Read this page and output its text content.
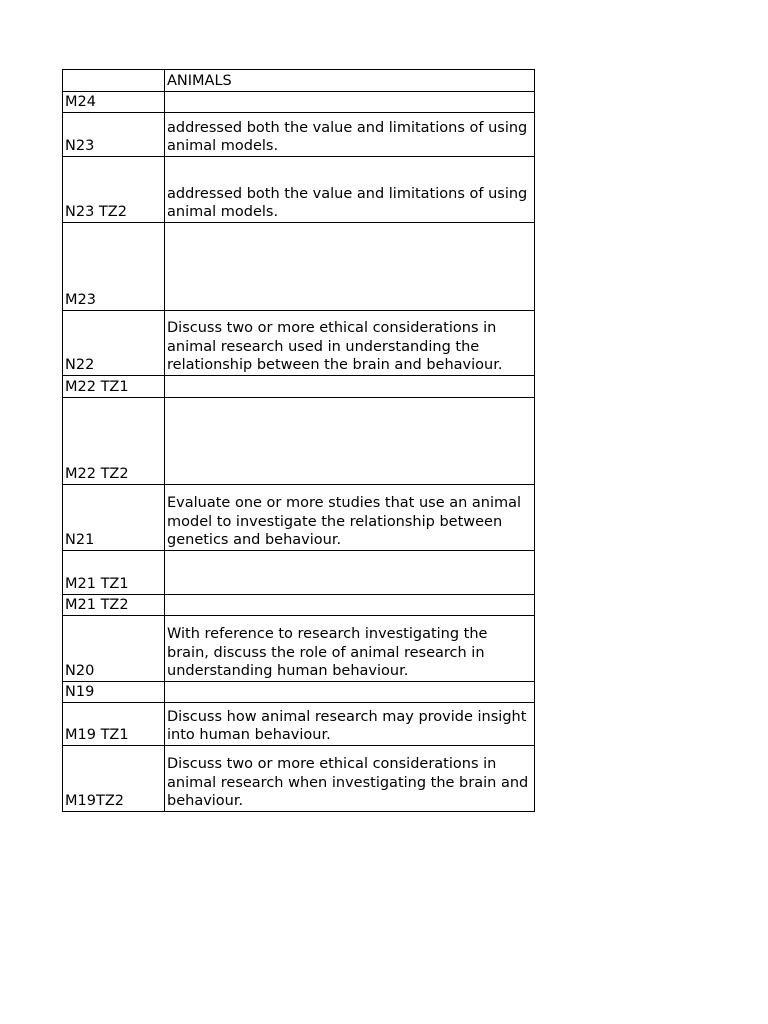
	ANIMALS
M24	
N23	addressed both the value and limitations of using animal models.
N23 TZ2	addressed both the value and limitations of using animal models.
M23	
N22	Discuss two or more ethical considerations in animal research used in understanding the relationship between the brain and behaviour.
M22 TZ1	
M22 TZ2	
N21	Evaluate one or more studies that use an animal model to investigate the relationship between genetics and behaviour.
M21 TZ1	
M21 TZ2	
N20	With reference to research investigating the brain, discuss the role of animal research in understanding human behaviour.
N19	
M19 TZ1	Discuss how animal research may provide insight into human behaviour.
M19TZ2	Discuss two or more ethical considerations in animal research when investigating the brain and behaviour.
